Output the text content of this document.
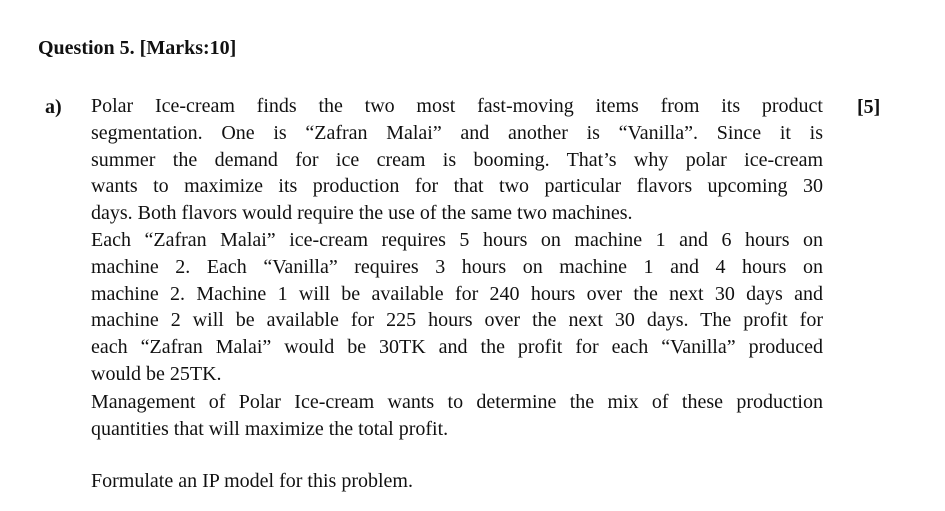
Question 5. [Marks:10]
a)	[5]
Polar Ice-cream finds the two most fast-moving items from its product
segmentation. One is “Zafran Malai” and another is “Vanilla”. Since it is
summer the demand for ice cream is booming. That’s why polar ice-cream
wants to maximize its production for that two particular flavors upcoming 30
days. Both flavors would require the use of the same two machines.
Each “Zafran Malai” ice-cream requires 5 hours on machine 1 and 6 hours on
machine 2. Each “Vanilla” requires 3 hours on machine 1 and 4 hours on
machine 2. Machine 1 will be available for 240 hours over the next 30 days and
machine 2 will be available for 225 hours over the next 30 days. The profit for
each “Zafran Malai” would be 30TK and the profit for each “Vanilla” produced
would be 25TK.
Management of Polar Ice-cream wants to determine the mix of these production
quantities that will maximize the total profit.
Formulate an IP model for this problem.
